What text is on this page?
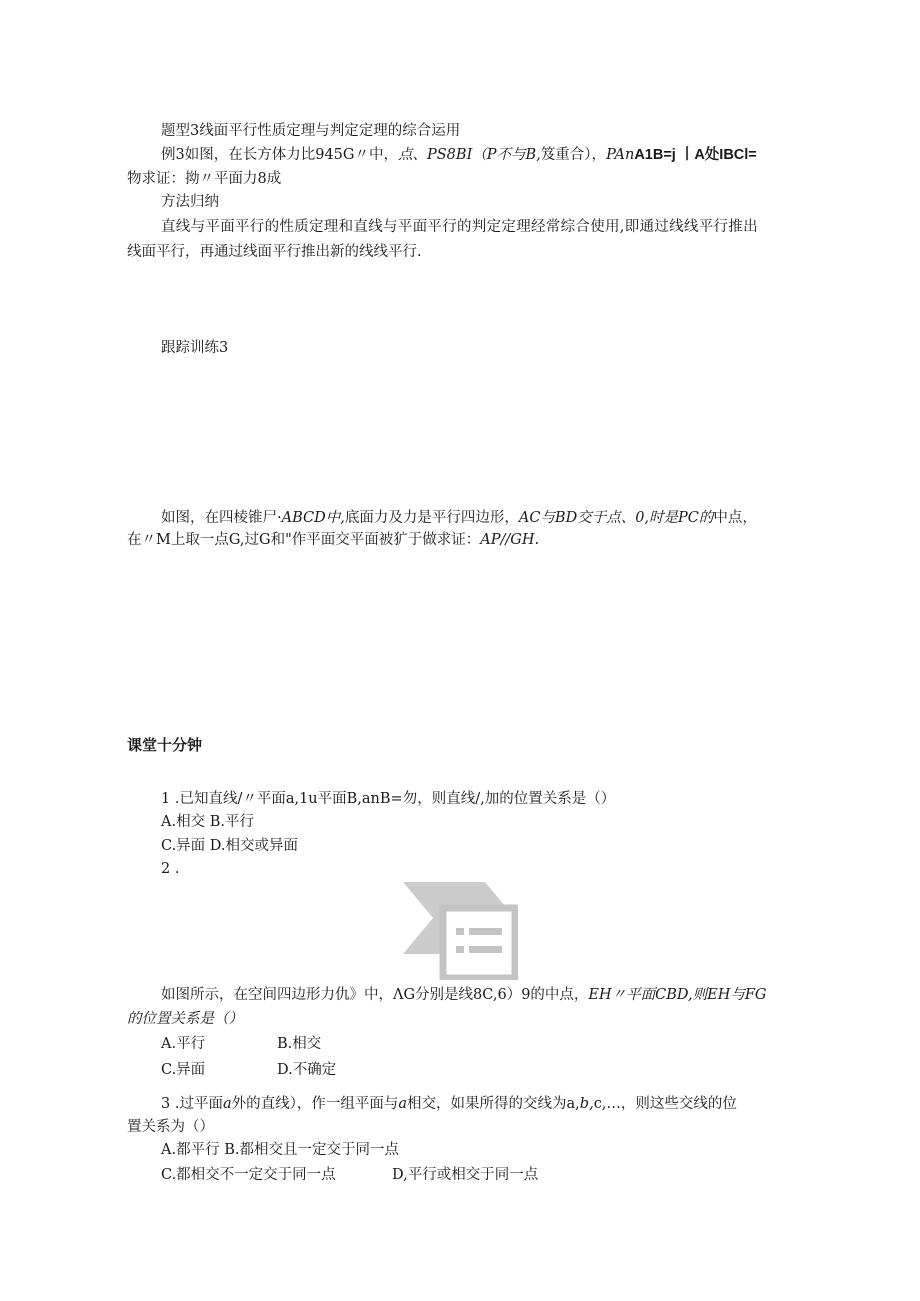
题型3线面平行性质定理与判定定理的综合运用
例3如图，在长方体力比945G〃中，点、PS8BI（P不与B,笈重合），PAnA1B=j 丨A处IBCl=
物求证：拗〃平面力8成
方法归纳
直线与平面平行的性质定理和直线与平面平行的判定定理经常综合使用,即通过线线平行推出
线面平行，再通过线面平行推出新的线线平行.
跟踪训练3
如图，在四棱锥尸·ABCD中,底面力及力是平行四边形，AC与BD交于点、0,时是PC的中点，
在〃M上取一点G,过G和"作平面交平面被犷于做求证：AP//GH.
课堂十分钟
1 .已知直线/〃平面a,1u平面B,anB=勿，则直线/,加的位置关系是（）
A.相交 B.平行
C.异面 D.相交或异面
2 .
如图所示，在空间四边形力仇》中，ΛG分别是线8C,6）9的中点，EH〃平面CBD,则EH与FG
的位置关系是（）
A.平行	B.相交
C.异面	D.不确定
3 .过平面a外的直线），作一组平面与a相交，如果所得的交线为a,b,c,…，则这些交线的位
置关系为（）
A.都平行 B.都相交且一定交于同一点
C.都相交不一定交于同一点	D,平行或相交于同一点
